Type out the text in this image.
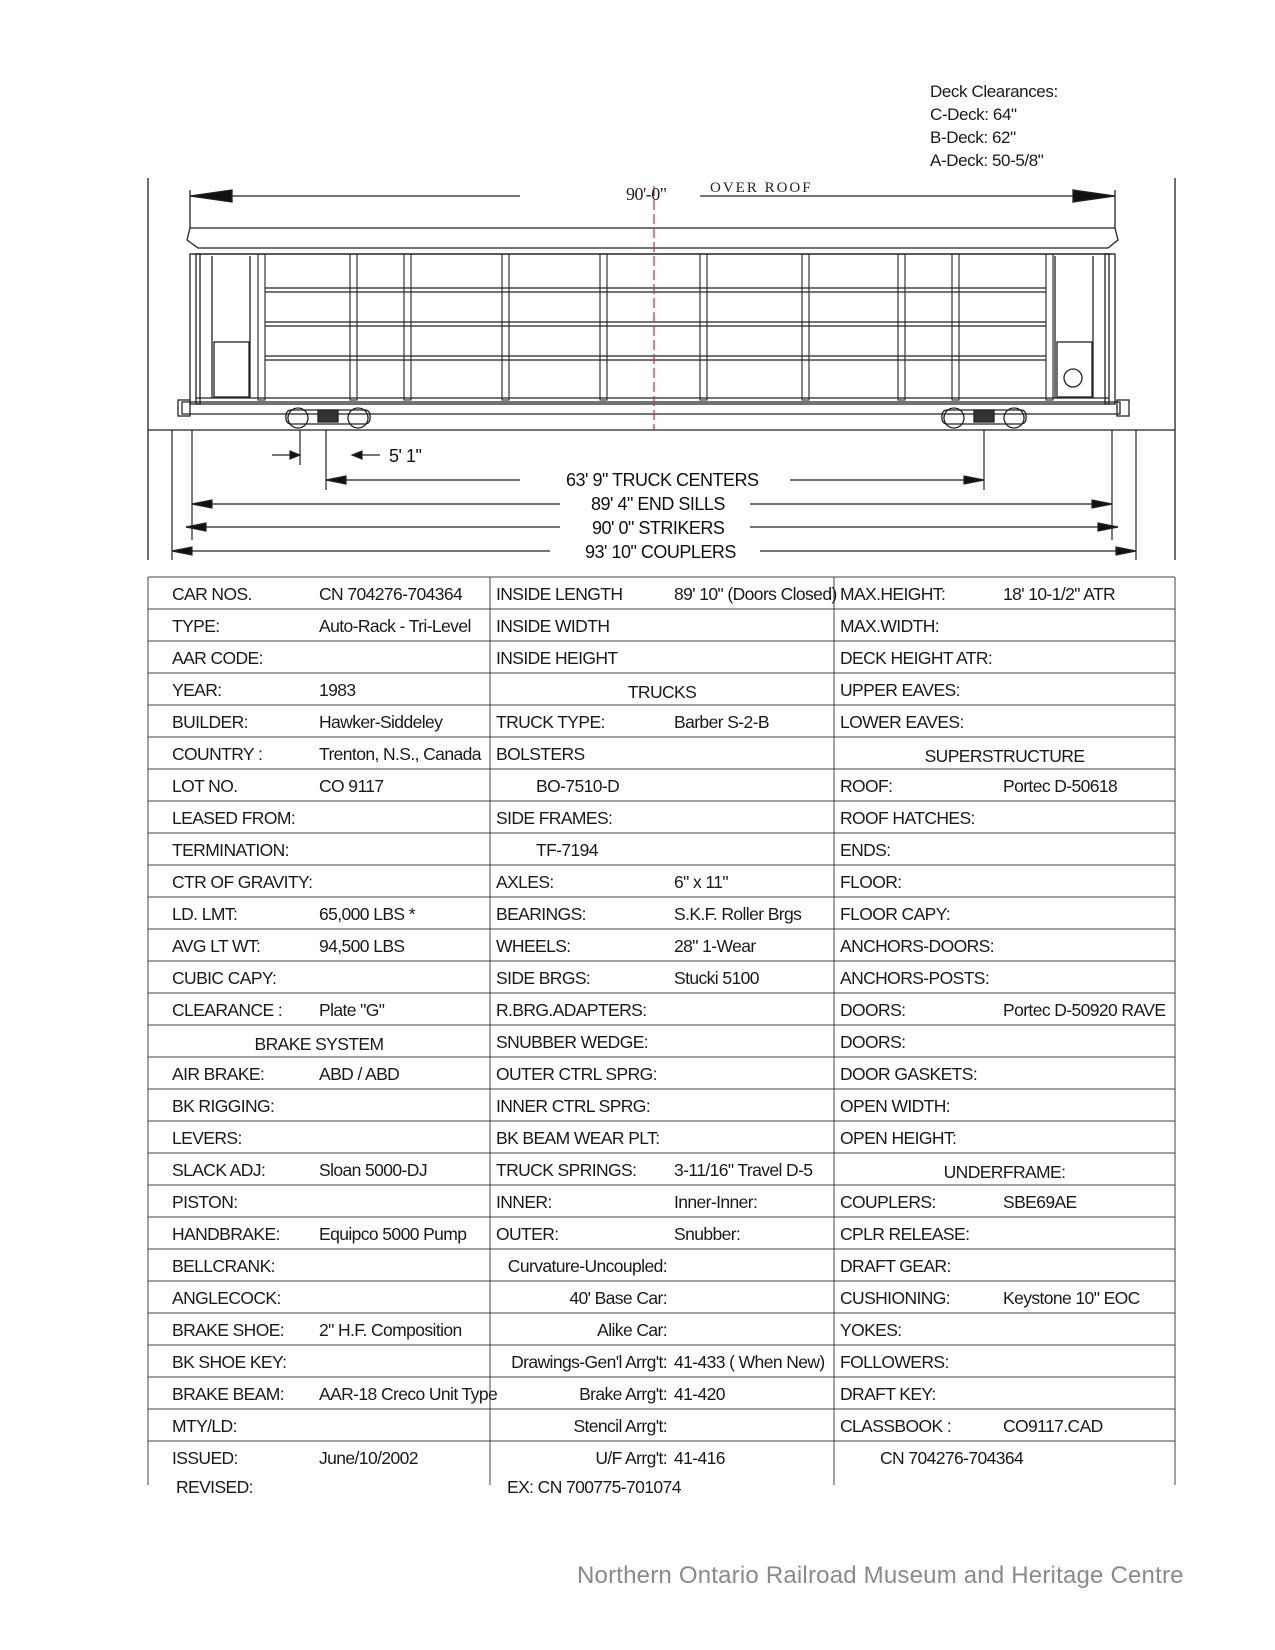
Deck Clearances:
C-Deck: 64"
B-Deck: 62"
A-Deck: 50-5/8"
90'-0"	OVER ROOF
5' 1"
63' 9" TRUCK CENTERS
89' 4" END SILLS
90' 0" STRIKERS
93' 10" COUPLERS
CAR NOS.	CN 704276-704364
TYPE:	Auto-Rack - Tri-Level
AAR CODE:
YEAR:	1983
BUILDER:	Hawker-Siddeley
COUNTRY :	Trenton, N.S., Canada
LOT NO.	CO 9117
LEASED FROM:
TERMINATION:
CTR OF GRAVITY:
LD. LMT:	65,000 LBS *
AVG LT WT:	94,500 LBS
CUBIC CAPY:
CLEARANCE : Plate "G"
BRAKE SYSTEM
AIR BRAKE:	ABD / ABD
BK RIGGING:
LEVERS:
SLACK ADJ:	Sloan 5000-DJ
PISTON:
HANDBRAKE: Equipco 5000 Pump
BELLCRANK:
ANGLECOCK:
BRAKE SHOE: 2" H.F. Composition
BK SHOE KEY:
BRAKE BEAM: AAR-18 Creco Unit Type
MTY/LD:
ISSUED:	June/10/2002
INSIDE LENGTH	89' 10" (Doors Closed)
INSIDE WIDTH
INSIDE HEIGHT
TRUCKS
TRUCK TYPE:	Barber S-2-B
BOLSTERS
BO-7510-D
SIDE FRAMES:
TF-7194
AXLES:	6" x 11"
BEARINGS:	S.K.F. Roller Brgs
WHEELS:	28" 1-Wear
SIDE BRGS:	Stucki 5100
R.BRG.ADAPTERS:
SNUBBER WEDGE:
OUTER CTRL SPRG:
INNER CTRL SPRG:
BK BEAM WEAR PLT:
TRUCK SPRINGS: 3-11/16" Travel D-5
INNER:	Inner-Inner:
OUTER:	Snubber:
Curvature-Uncoupled:
40' Base Car:
Alike Car:
Drawings-Gen'l Arrg't: 41-433 ( When New)
Brake Arrg't: 41-420
Stencil Arrg't:
U/F Arrg't: 41-416
MAX.HEIGHT:	18' 10-1/2" ATR
MAX.WIDTH:
DECK HEIGHT ATR:
UPPER EAVES:
LOWER EAVES:
SUPERSTRUCTURE
ROOF:	Portec D-50618
ROOF HATCHES:
ENDS:
FLOOR:
FLOOR CAPY:
ANCHORS-DOORS:
ANCHORS-POSTS:
DOORS:	Portec D-50920 RAVE
DOORS:
DOOR GASKETS:
OPEN WIDTH:
OPEN HEIGHT:
UNDERFRAME:
COUPLERS:	SBE69AE
CPLR RELEASE:
DRAFT GEAR:
CUSHIONING:	Keystone 10" EOC
YOKES:
FOLLOWERS:
DRAFT KEY:
CLASSBOOK :	CO9117.CAD
CN 704276-704364
REVISED:	EX: CN 700775-701074
Northern Ontario Railroad Museum and Heritage Centre
